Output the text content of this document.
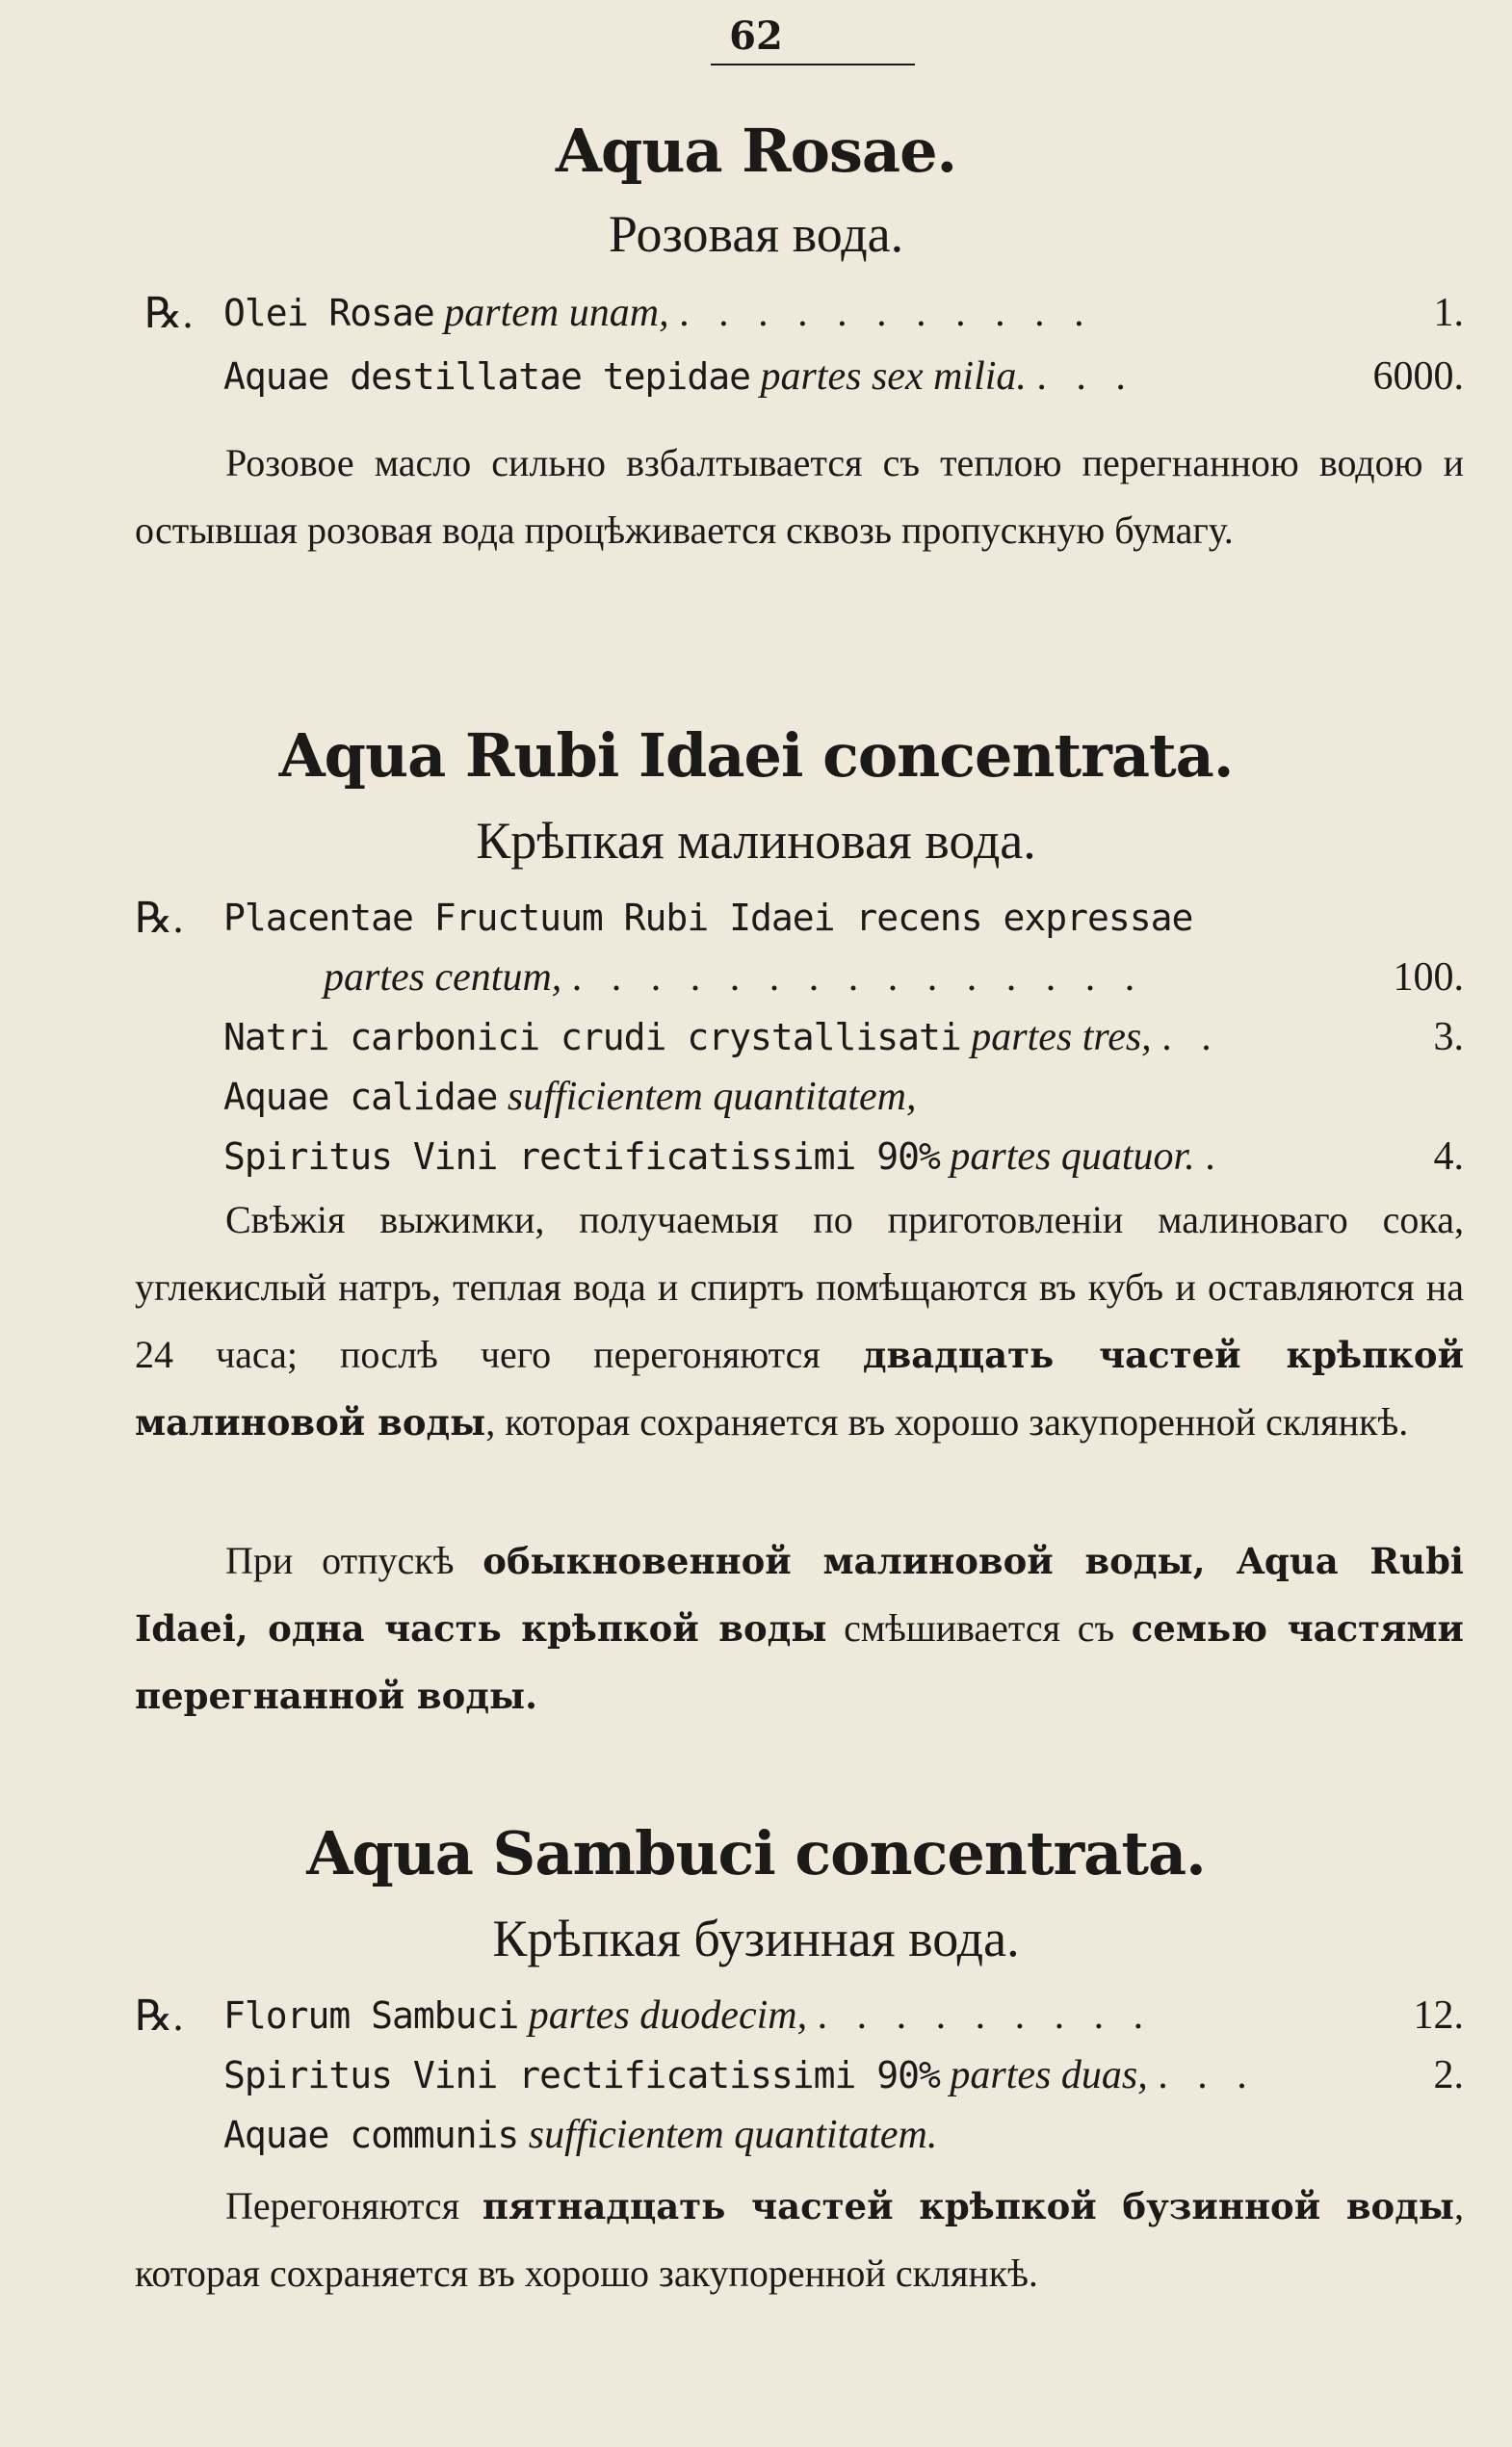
62
Aqua Rosae.
Розовая вода.
℞. Olei Rosae partem unam, . . . . . . . . . . .	1.
Aquae destillatae tepidae partes sex milia. . . .	6000.
Розовое масло сильно взбалтывается съ теплою перегнанною водою и остывшая розовая вода процѣживается сквозь пропускную бумагу.
Aqua Rubi Idaei concentrata.
Крѣпкая малиновая вода.
℞. Placentae Fructuum Rubi Idaei recens expressae
partes centum, . . . . . . . . . . . . . . .	100.
Natri carbonici crudi crystallisati partes tres, . .	3.
Aquae calidae sufficientem quantitatem,
Spiritus Vini rectificatissimi 90% partes quatuor. .	4.
Свѣжія выжимки, получаемыя по приготовленіи малиноваго сока, углекислый натръ, теплая вода и спиртъ помѣщаются въ кубъ и оставляются на 24 часа; послѣ чего перегоняются двадцать частей крѣпкой малиновой воды, которая сохраняется въ хорошо закупоренной склянкѣ.
При отпускѣ обыкновенной малиновой воды, Aqua Rubi Idaei, одна часть крѣпкой воды смѣшивается съ семью частями перегнанной воды.
Aqua Sambuci concentrata.
Крѣпкая бузинная вода.
℞. Florum Sambuci partes duodecim, . . . . . . . . .	12.
Spiritus Vini rectificatissimi 90% partes duas, . . .	2.
Aquae communis sufficientem quantitatem.
Перегоняются пятнадцать частей крѣпкой бузинной воды, которая сохраняется въ хорошо закупоренной склянкѣ.
